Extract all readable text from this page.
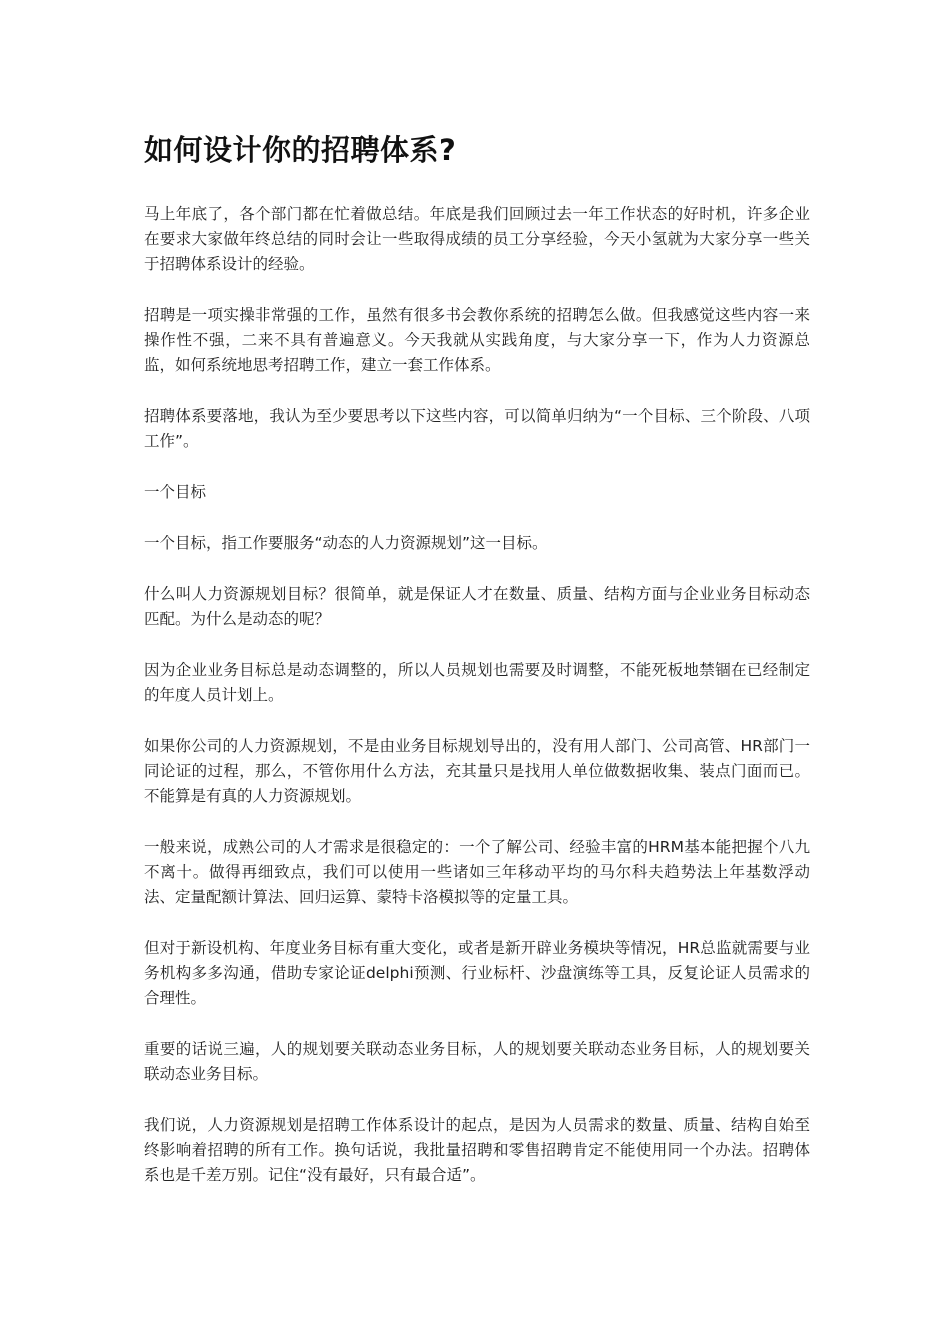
如何设计你的招聘体系?

马上年底了，各个部门都在忙着做总结。年底是我们回顾过去一年工作状态的好时机，许多企业在要求大家做年终总结的同时会让一些取得成绩的员工分享经验，今天小氢就为大家分享一些关于招聘体系设计的经验。

招聘是一项实操非常强的工作，虽然有很多书会教你系统的招聘怎么做。但我感觉这些内容一来操作性不强，二来不具有普遍意义。今天我就从实践角度，与大家分享一下，作为人力资源总监，如何系统地思考招聘工作，建立一套工作体系。

招聘体系要落地，我认为至少要思考以下这些内容，可以简单归纳为“一个目标、三个阶段、八项工作”。

一个目标

一个目标，指工作要服务“动态的人力资源规划”这一目标。

什么叫人力资源规划目标？很简单，就是保证人才在数量、质量、结构方面与企业业务目标动态匹配。为什么是动态的呢？

因为企业业务目标总是动态调整的，所以人员规划也需要及时调整，不能死板地禁锢在已经制定的年度人员计划上。

如果你公司的人力资源规划，不是由业务目标规划导出的，没有用人部门、公司高管、HR部门一同论证的过程，那么，不管你用什么方法，充其量只是找用人单位做数据收集、装点门面而已。不能算是有真的人力资源规划。

一般来说，成熟公司的人才需求是很稳定的：一个了解公司、经验丰富的HRM基本能把握个八九不离十。做得再细致点，我们可以使用一些诸如三年移动平均的马尔科夫趋势法上年基数浮动法、定量配额计算法、回归运算、蒙特卡洛模拟等的定量工具。

但对于新设机构、年度业务目标有重大变化，或者是新开辟业务模块等情况，HR总监就需要与业务机构多多沟通，借助专家论证delphi预测、行业标杆、沙盘演练等工具，反复论证人员需求的合理性。

重要的话说三遍，人的规划要关联动态业务目标，人的规划要关联动态业务目标，人的规划要关联动态业务目标。

我们说，人力资源规划是招聘工作体系设计的起点，是因为人员需求的数量、质量、结构自始至终影响着招聘的所有工作。换句话说，我批量招聘和零售招聘肯定不能使用同一个办法。招聘体系也是千差万别。记住“没有最好，只有最合适”。
